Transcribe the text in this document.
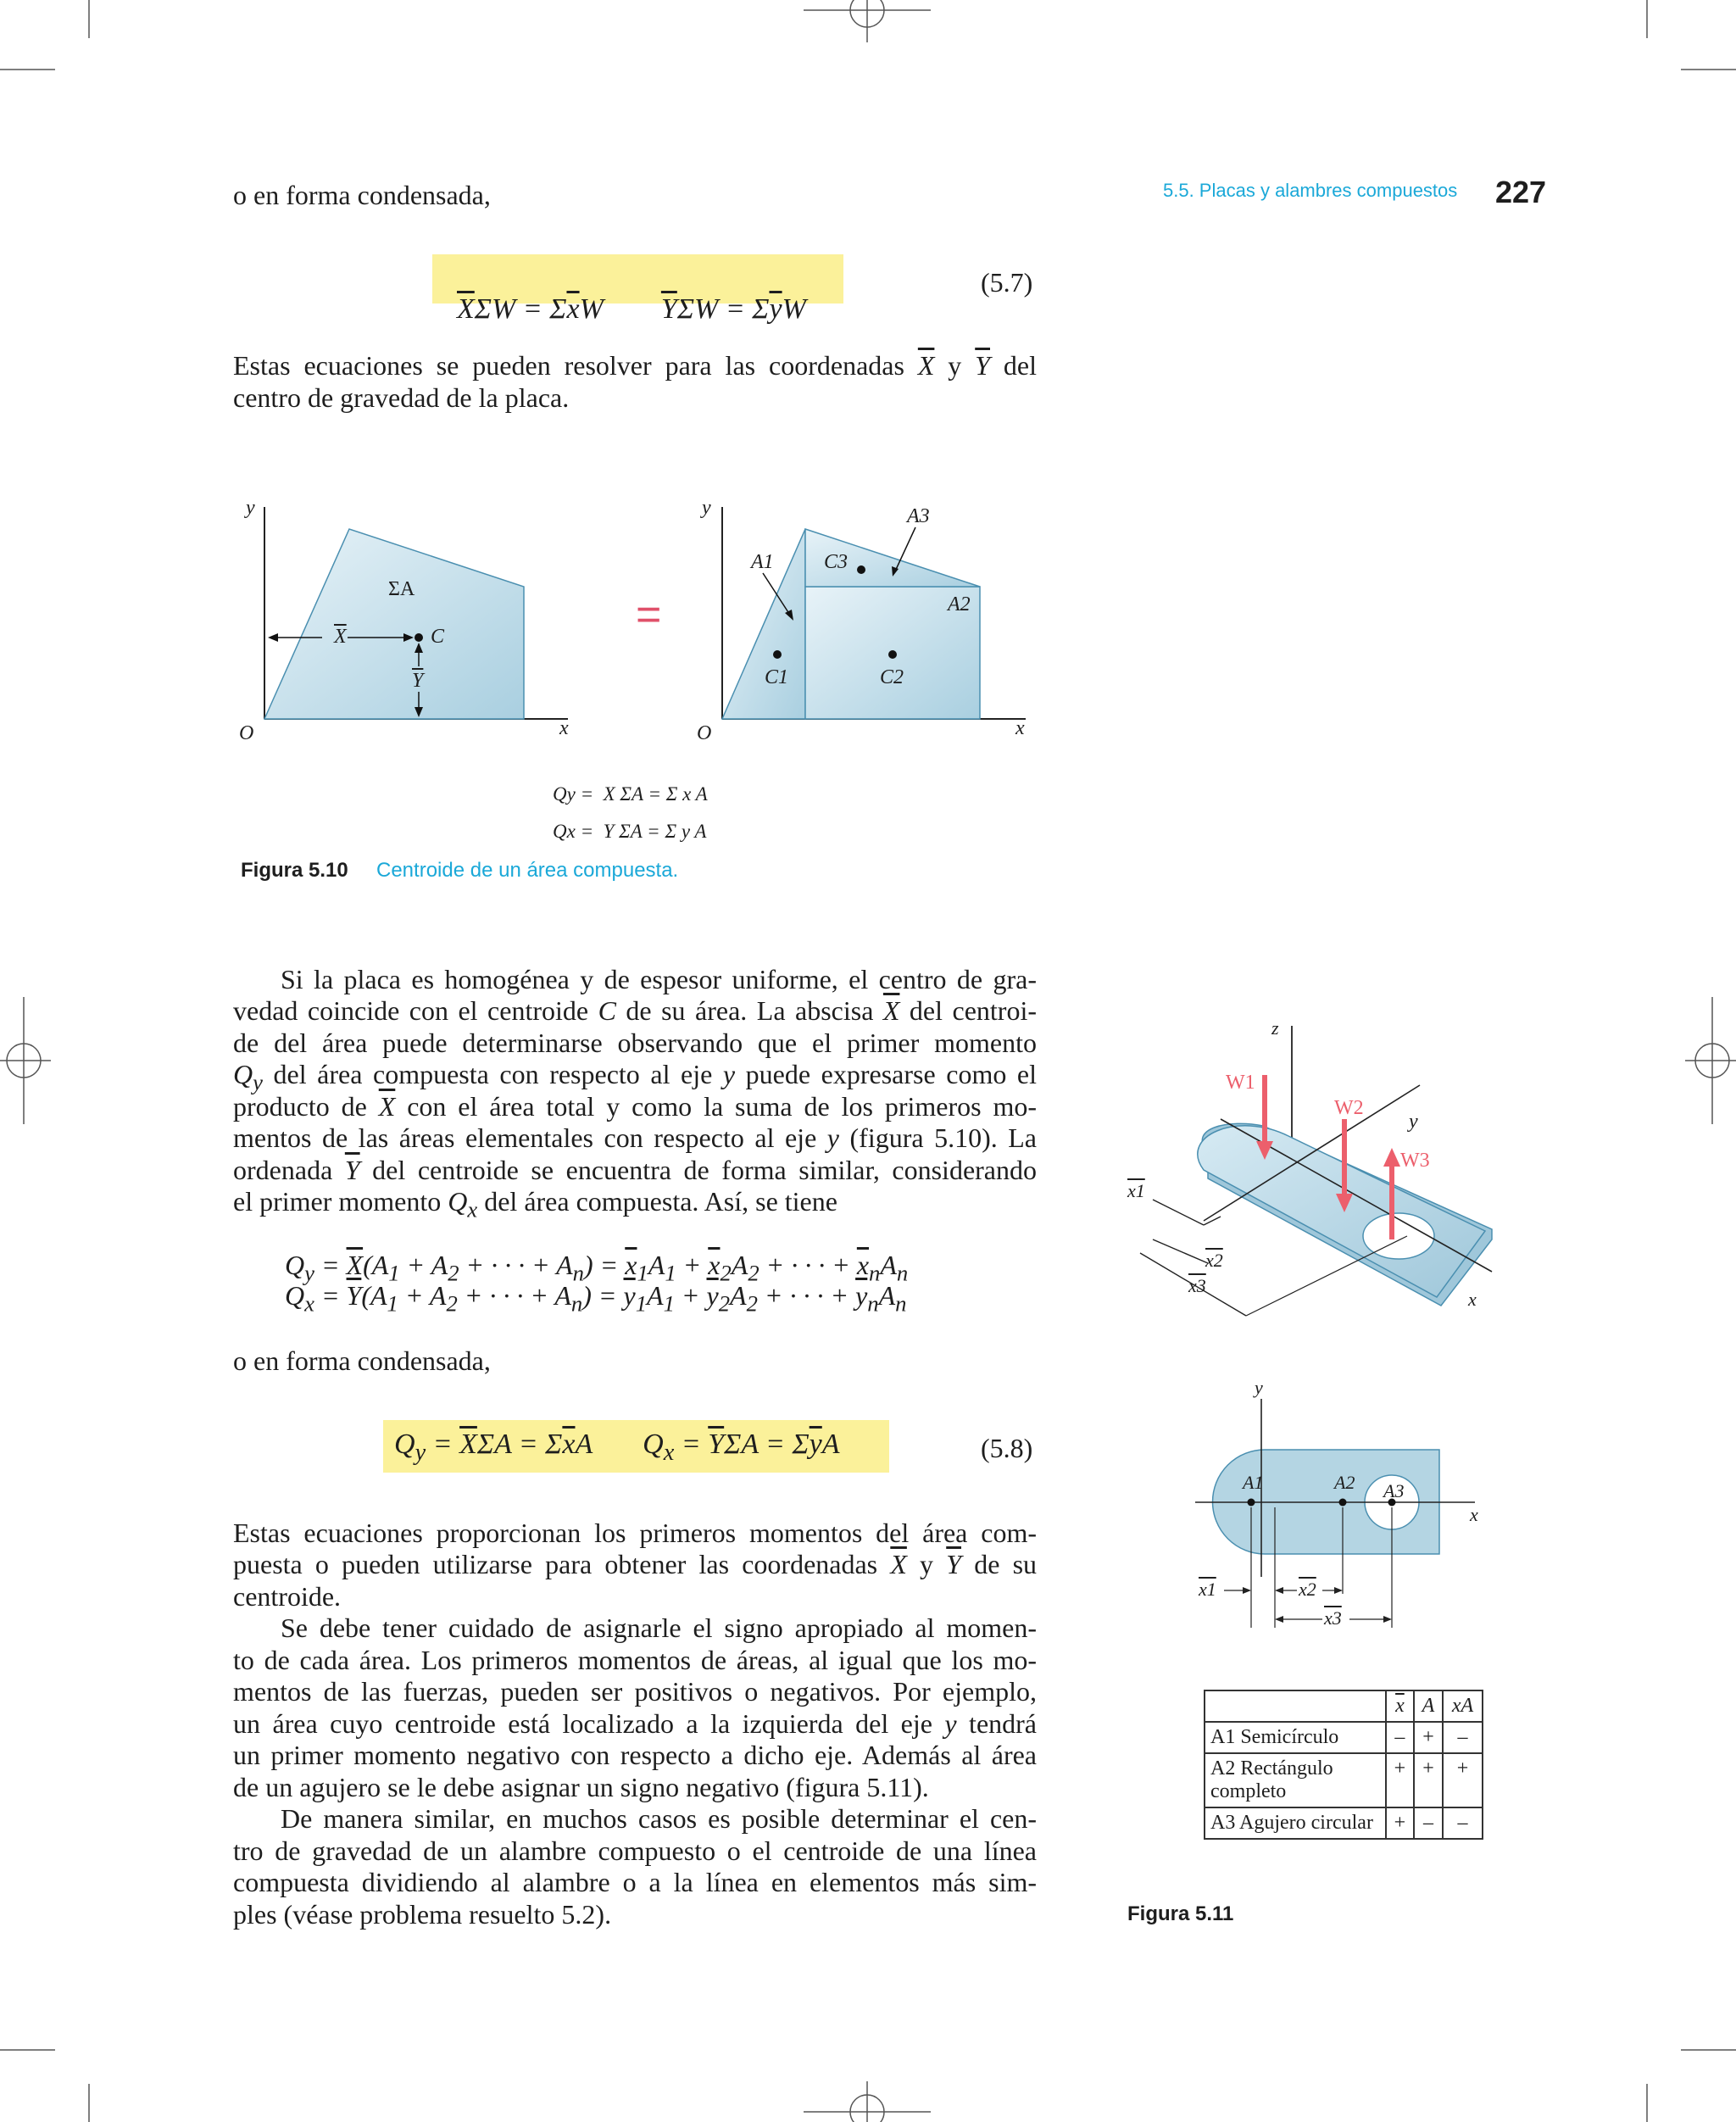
5.5. Placas y alambres compuestos 227
o en forma condensada,

$\overline{X}\Sigma W = \Sigma\overline{x}W$        $\overline{Y}\Sigma W = \Sigma\overline{y}W$

(5.7)
Estas ecuaciones se pueden resolver para las coordenadas $\overline{X}$ y $\overline{Y}$ del
centro de gravedad de la placa.
=
y
x
O
ΣA
C
$\overline{X}$
$\overline{Y}$
y
x
O
A1
A2
A3
C1	C2
C3
Qy =  X ΣA = Σ x A
Qx =  Y ΣA = Σ y A
Figura 5.10 Centroide de un área compuesta.
Si la placa es homogénea y de espesor uniforme, el centro de gra-
vedad coincide con el centroide C de su área. La abscisa $\overline{X}$ del centroi-
de del área puede determinarse observando que el primer momento
$Q_y$ del área compuesta con respecto al eje y puede expresarse como el
producto de $\overline{X}$ con el área total y como la suma de los primeros mo-
mentos de las áreas elementales con respecto al eje y (figura 5.10). La
ordenada $\overline{Y}$ del centroide se encuentra de forma similar, considerando
el primer momento $Q_x$ del área compuesta. Así, se tiene
$Q_y = \overline{X}(A_1 + A_2$ + · · · + $A_n) = \overline{x}_1A_1 + \overline{x}_2A_2$ + · · · + $\overline{x}_nA_n$
$Q_x = \overline{Y}(A_1 + A_2$ + · · · + $A_n) = \overline{y}_1A_1 + \overline{y}_2A_2$ + · · · + $\overline{y}_nA_n$
o en forma condensada,
$Q_y = \overline{X}\Sigma A = \Sigma\overline{x}A$       $Q_x = \overline{Y}\Sigma A = \Sigma\overline{y}A$	(5.8)
Estas ecuaciones proporcionan los primeros momentos del área com-
puesta o pueden utilizarse para obtener las coordenadas $\overline{X}$ y $\overline{Y}$ de su
centroide.
Se debe tener cuidado de asignarle el signo apropiado al momen-
to de cada área. Los primeros momentos de áreas, al igual que los mo-
mentos de las fuerzas, pueden ser positivos o negativos. Por ejemplo,
un área cuyo centroide está localizado a la izquierda del eje y tendrá
un primer momento negativo con respecto a dicho eje. Además al área
de un agujero se le debe asignar un signo negativo (figura 5.11).
De manera similar, en muchos casos es posible determinar el cen-
tro de gravedad de un alambre compuesto o el centroide de una línea
compuesta dividiendo al alambre o a la línea en elementos más sim-
ples (véase problema resuelto 5.2).
z
y
x
W1
W2
W3
x1
x2
x3
y
x
A1	A2 A3
x1	x2
x3
	$\overline{x}$	A	xA
A1 Semicírculo	–	+	–
A2 Rectángulo completo	+	+	+
A3 Agujero circular	+	–	–
Figura 5.11
